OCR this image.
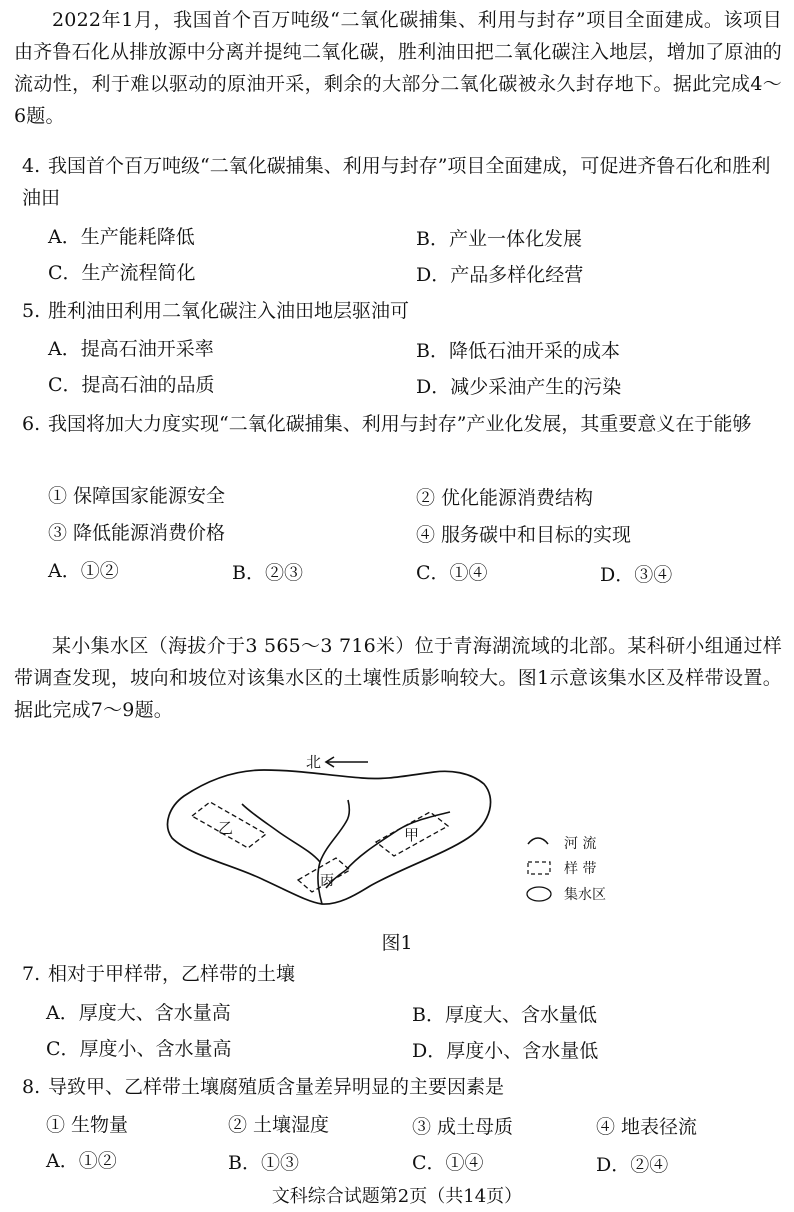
2022年1月，我国首个百万吨级“二氧化碳捕集、利用与封存”项目全面建成。该项目由齐鲁石化从排放源中分离并提纯二氧化碳，胜利油田把二氧化碳注入地层，增加了原油的流动性，利于难以驱动的原油开采，剩余的大部分二氧化碳被永久封存地下。据此完成4～6题。
4. 我国首个百万吨级“二氧化碳捕集、利用与封存”项目全面建成，可促进齐鲁石化和胜利油田
A．生产能耗降低	B．产业一体化发展
C．生产流程简化	D．产品多样化经营
5. 胜利油田利用二氧化碳注入油田地层驱油可
A．提高石油开采率	B．降低石油开采的成本
C．提高石油的品质	D．减少采油产生的污染
6. 我国将加大力度实现“二氧化碳捕集、利用与封存”产业化发展，其重要意义在于能够
① 保障国家能源安全	② 优化能源消费结构
③ 降低能源消费价格	④ 服务碳中和目标的实现
A．①②	B．②③	C．①④	D．③④
某小集水区（海拔介于3 565～3 716米）位于青海湖流域的北部。某科研小组通过样带调查发现，坡向和坡位对该集水区的土壤性质影响较大。图1示意该集水区及样带设置。据此完成7～9题。
北
乙	甲
丙
河 流
样 带
集水区
图1
7. 相对于甲样带，乙样带的土壤
A．厚度大、含水量高	B．厚度大、含水量低
C．厚度小、含水量高	D．厚度小、含水量低
8. 导致甲、乙样带土壤腐殖质含量差异明显的主要因素是
① 生物量	② 土壤湿度	③ 成土母质	④ 地表径流
A．①②	B．①③	C．①④	D．②④
文科综合试题第2页（共14页）
